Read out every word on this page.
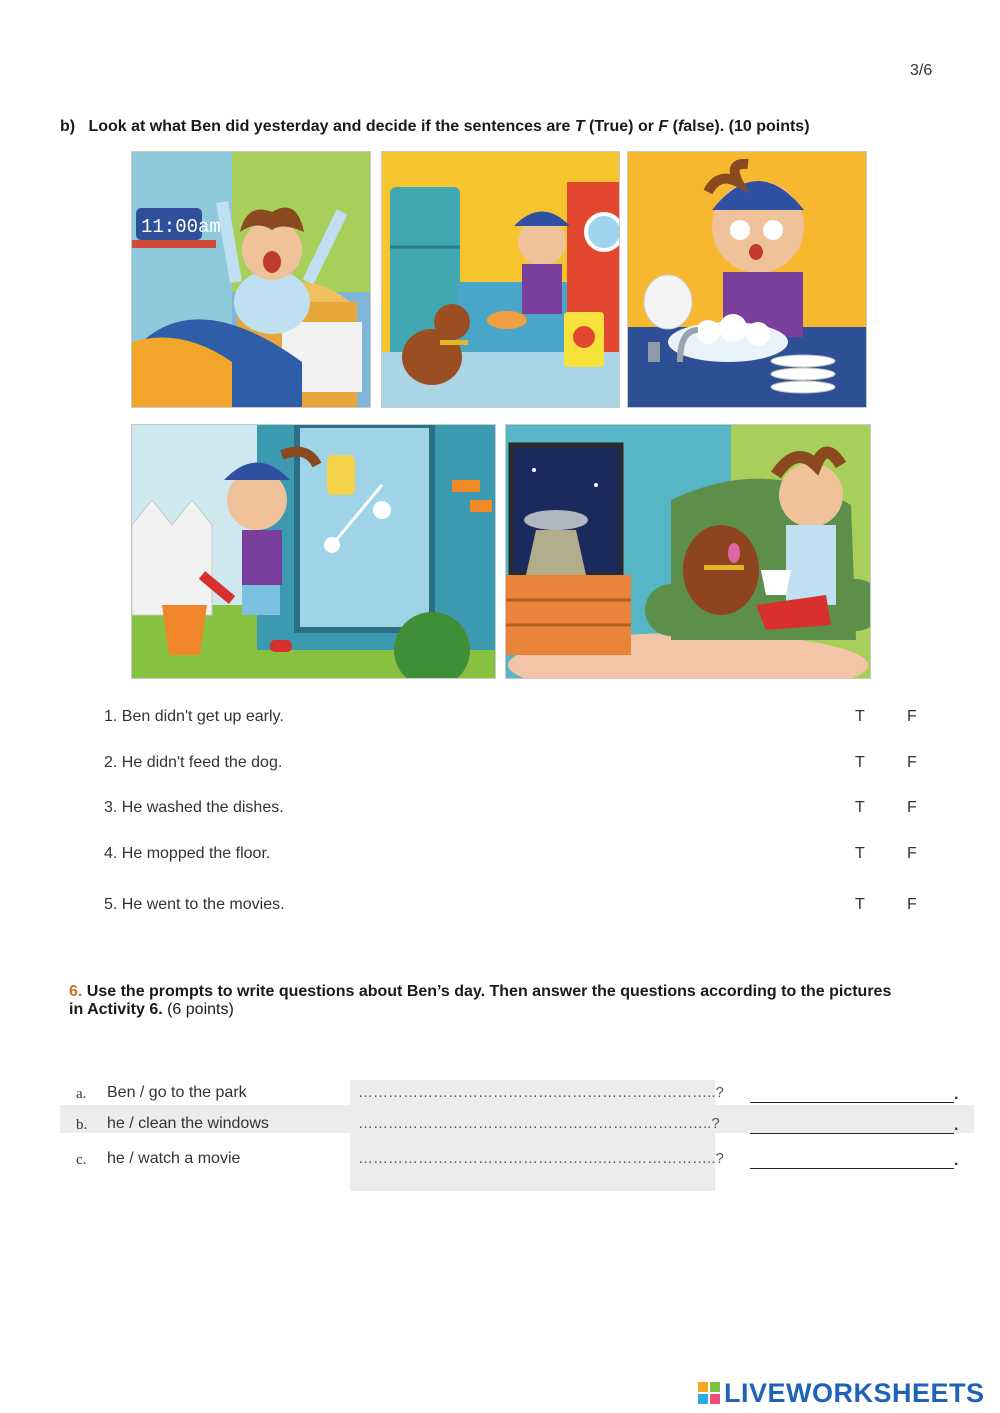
3/6
b) Look at what Ben did yesterday and decide if the sentences are T (True) or F (false). (10 points)
11:00am
1. Ben didn't get up early.	T	F
2. He didn't feed the dog.	T	F
3. He washed the dishes.	T	F
4. He mopped the floor.	T	F
5. He went to the movies.	T	F
6. Use the prompts to write questions about Ben’s day. Then answer the questions according to the pictures in Activity 6. (6 points)
a. Ben / go to the park	………………………………….…………………………..?	.
b. he / clean the windows	……………………………………………………………..?	.
c. he / watch a movie	………………………………………….…………………..?	.
LIVEWORKSHEETS
